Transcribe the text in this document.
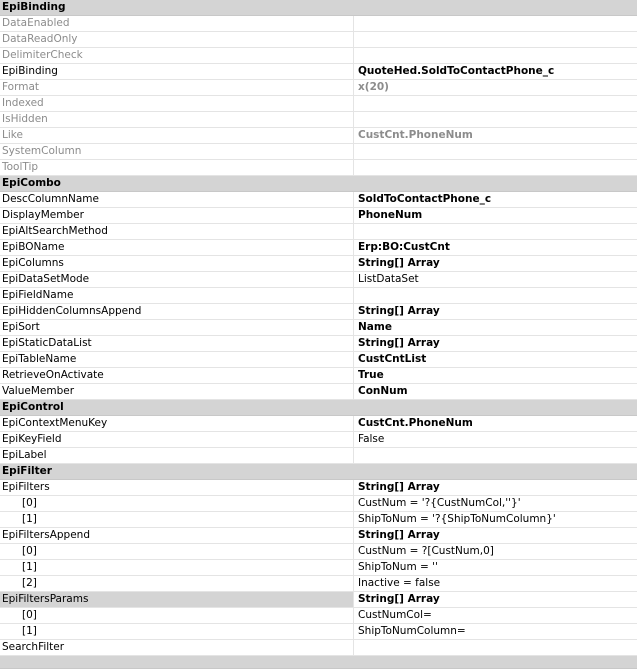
EpiBinding
DataEnabled
DataReadOnly
DelimiterCheck
EpiBinding	QuoteHed.SoldToContactPhone_c
Format	x(20)
Indexed
IsHidden
Like	CustCnt.PhoneNum
SystemColumn
ToolTip
EpiCombo
DescColumnName	SoldToContactPhone_c
DisplayMember	PhoneNum
EpiAltSearchMethod
EpiBOName	Erp:BO:CustCnt
EpiColumns	String[] Array
EpiDataSetMode	ListDataSet
EpiFieldName
EpiHiddenColumnsAppend	String[] Array
EpiSort	Name
EpiStaticDataList	String[] Array
EpiTableName	CustCntList
RetrieveOnActivate	True
ValueMember	ConNum
EpiControl
EpiContextMenuKey	CustCnt.PhoneNum
EpiKeyField	False
EpiLabel
EpiFilter
EpiFilters	String[] Array
[0]	CustNum = '?{CustNumCol,''}'
[1]	ShipToNum = '?{ShipToNumColumn}'
EpiFiltersAppend	String[] Array
[0]	CustNum = ?[CustNum,0]
[1]	ShipToNum = ''
[2]	Inactive = false
EpiFiltersParams	String[] Array
[0]	CustNumCol=
[1]	ShipToNumColumn=
SearchFilter
